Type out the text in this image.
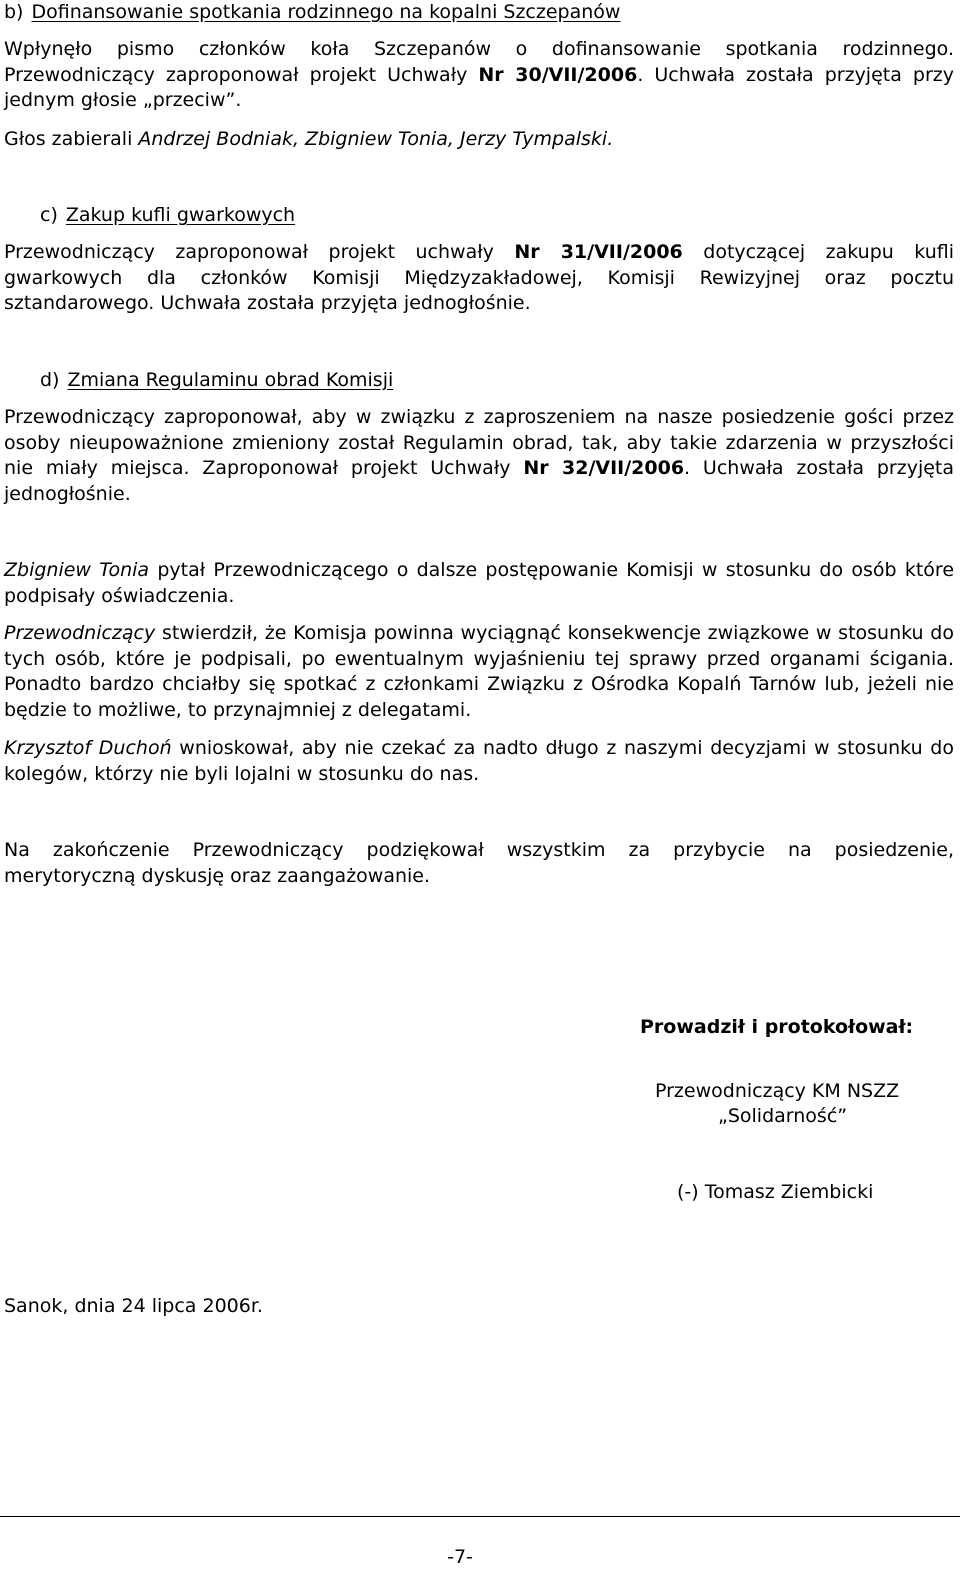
b) Dofinansowanie spotkania rodzinnego na kopalni Szczepanów
Wpłynęło pismo członków koła Szczepanów o dofinansowanie spotkania rodzinnego. Przewodniczący zaproponował projekt Uchwały Nr 30/VII/2006. Uchwała została przyjęta przy jednym głosie „przeciw”.
Głos zabierali Andrzej Bodniak, Zbigniew Tonia, Jerzy Tympalski.
c) Zakup kufli gwarkowych
Przewodniczący zaproponował projekt uchwały Nr 31/VII/2006 dotyczącej zakupu kufli gwarkowych dla członków Komisji Międzyzakładowej, Komisji Rewizyjnej oraz pocztu sztandarowego. Uchwała została przyjęta jednogłośnie.
d) Zmiana Regulaminu obrad Komisji
Przewodniczący zaproponował, aby w związku z zaproszeniem na nasze posiedzenie gości przez osoby nieupoważnione zmieniony został Regulamin obrad, tak, aby takie zdarzenia w przyszłości nie miały miejsca. Zaproponował projekt Uchwały Nr 32/VII/2006. Uchwała została przyjęta jednogłośnie.
Zbigniew Tonia pytał Przewodniczącego o dalsze postępowanie Komisji w stosunku do osób które podpisały oświadczenia.
Przewodniczący stwierdził, że Komisja powinna wyciągnąć konsekwencje związkowe w stosunku do tych osób, które je podpisali, po ewentualnym wyjaśnieniu tej sprawy przed organami ścigania. Ponadto bardzo chciałby się spotkać z członkami Związku z Ośrodka Kopalń Tarnów lub, jeżeli nie będzie to możliwe, to przynajmniej z delegatami.
Krzysztof Duchoń wnioskował, aby nie czekać za nadto długo z naszymi decyzjami w stosunku do kolegów, którzy nie byli lojalni w stosunku do nas.
Na zakończenie Przewodniczący podziękował wszystkim za przybycie na posiedzenie, merytoryczną dyskusję oraz zaangażowanie.
Prowadził i protokołował:
Przewodniczący KM NSZZ
„Solidarność”
(-) Tomasz Ziembicki
Sanok, dnia 24 lipca 2006r.
-7-
